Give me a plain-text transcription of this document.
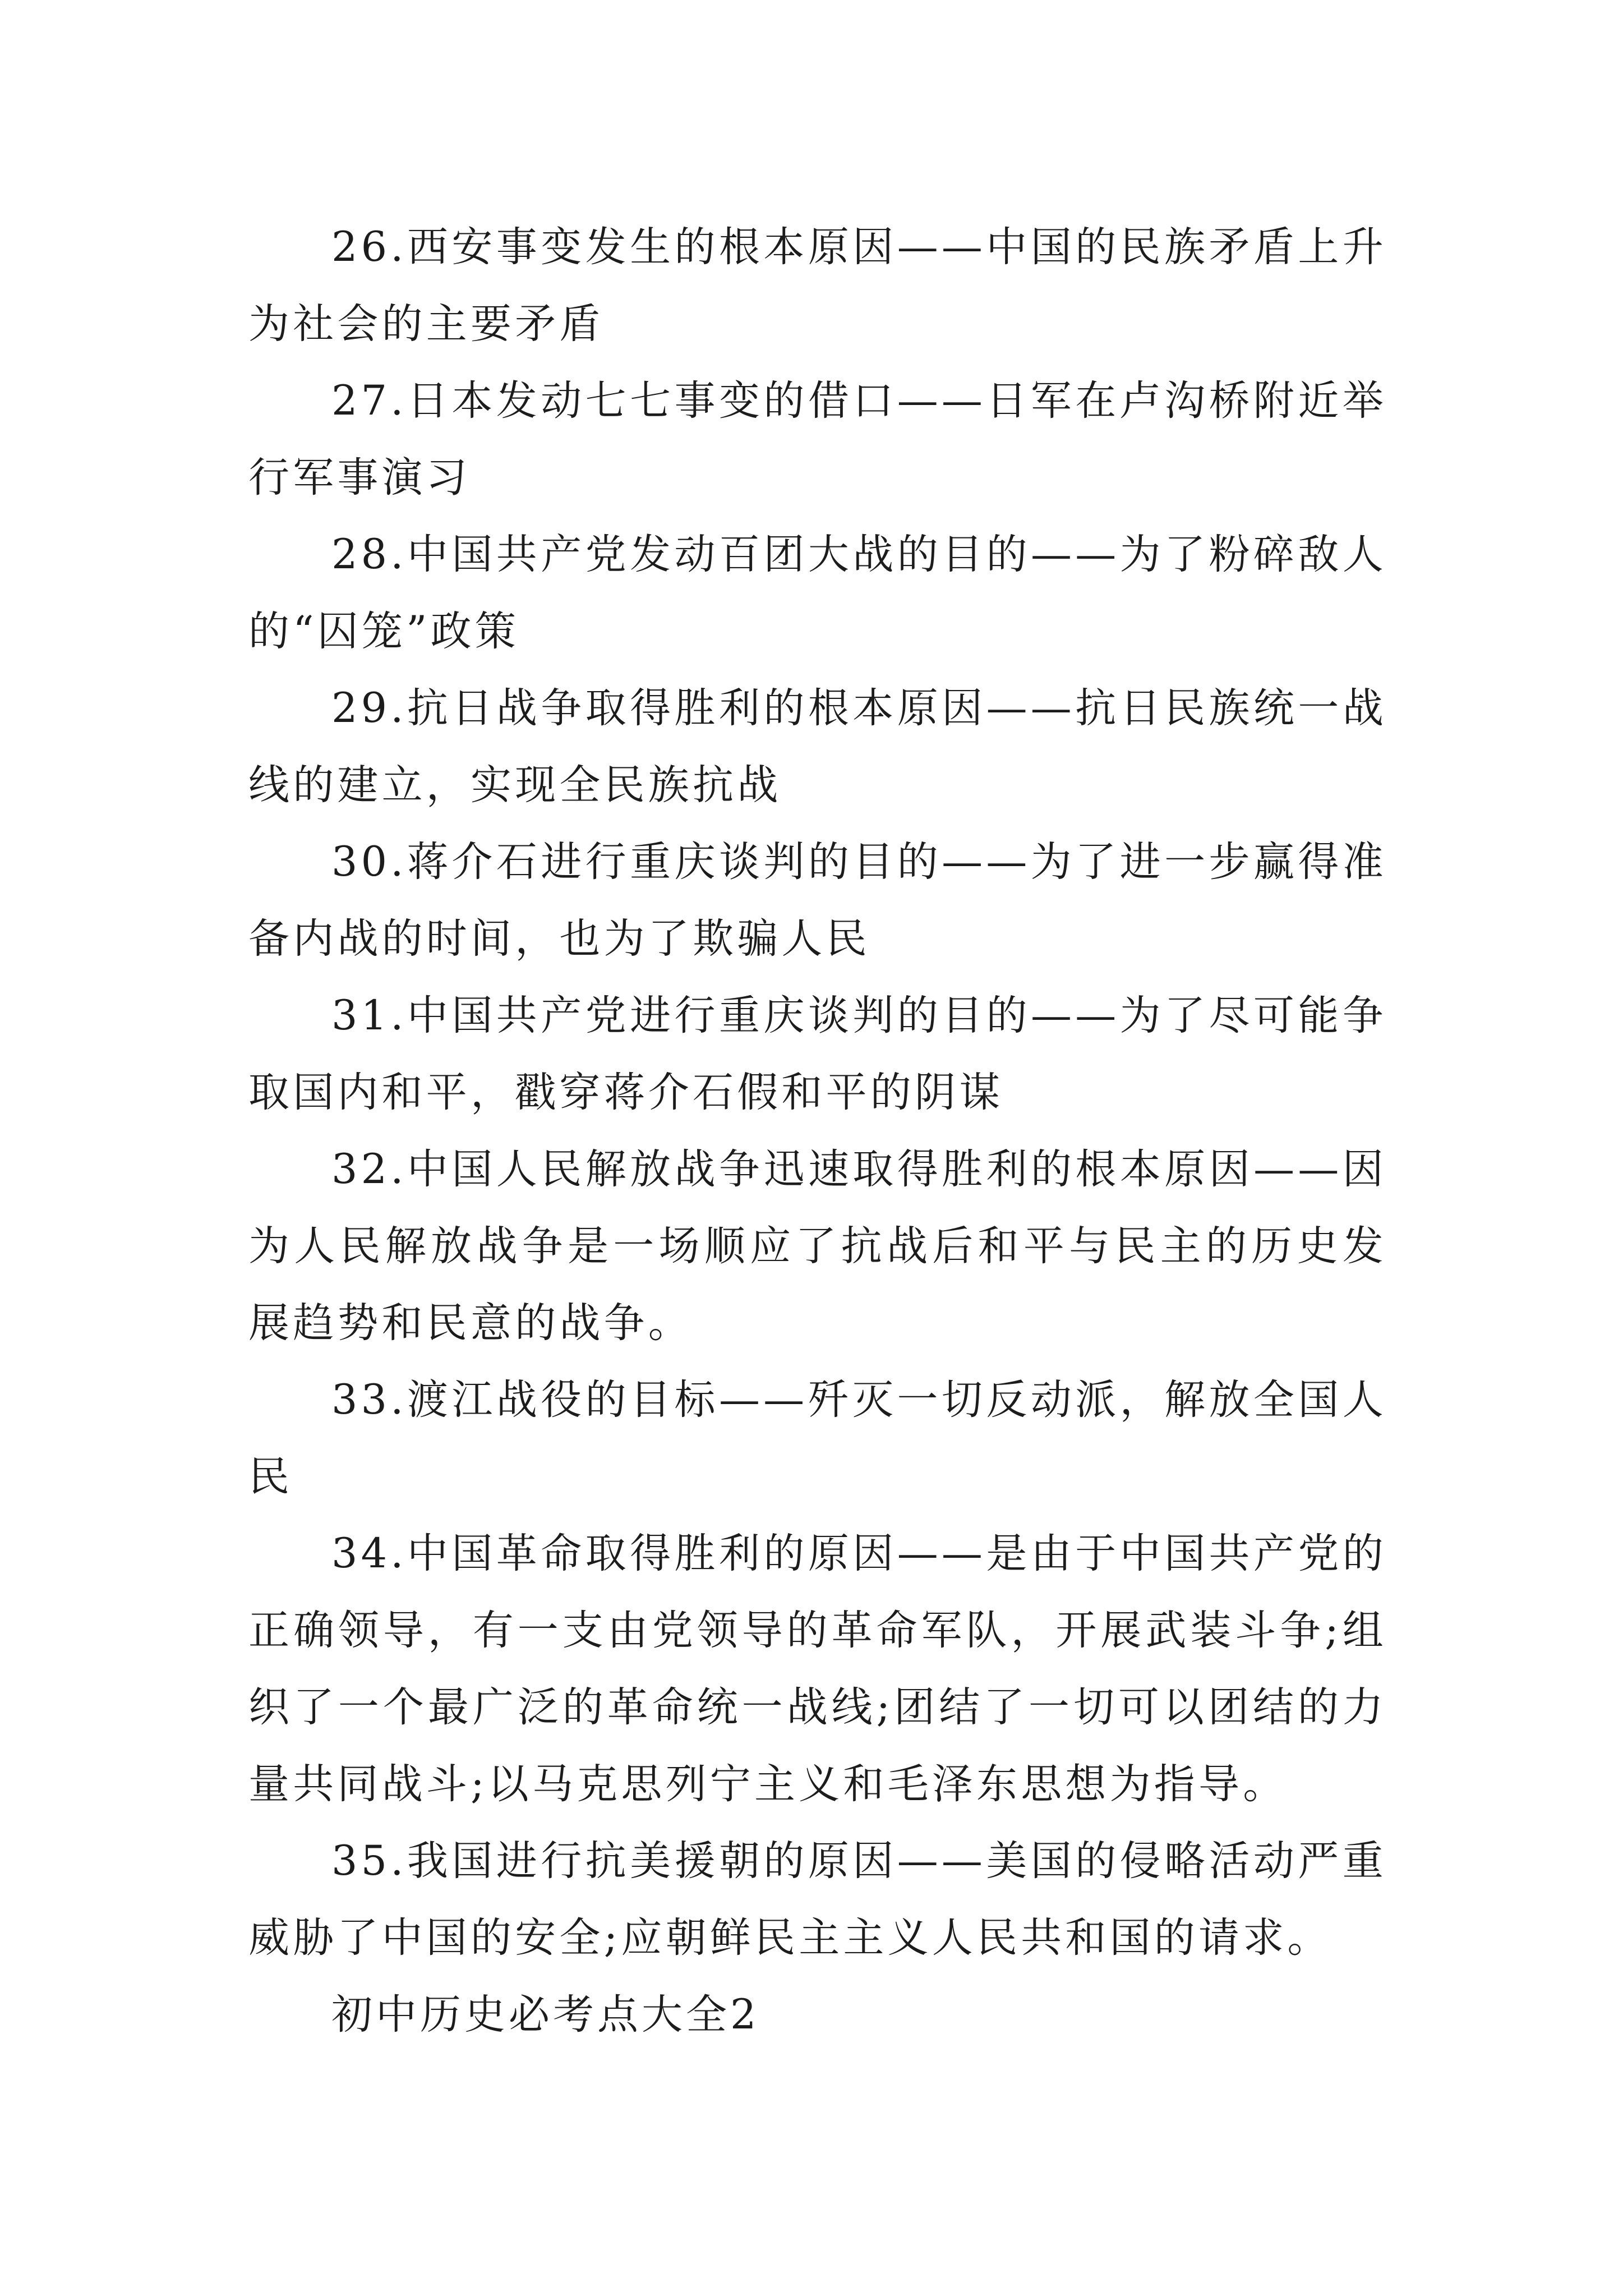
26.西安事变发生的根本原因——中国的民族矛盾上升为社会的主要矛盾

27.日本发动七七事变的借口——日军在卢沟桥附近举行军事演习

28.中国共产党发动百团大战的目的——为了粉碎敌人的“囚笼”政策

29.抗日战争取得胜利的根本原因——抗日民族统一战线的建立，实现全民族抗战

30.蒋介石进行重庆谈判的目的——为了进一步赢得准备内战的时间，也为了欺骗人民

31.中国共产党进行重庆谈判的目的——为了尽可能争取国内和平，戳穿蒋介石假和平的阴谋

32.中国人民解放战争迅速取得胜利的根本原因——因为人民解放战争是一场顺应了抗战后和平与民主的历史发展趋势和民意的战争。

33.渡江战役的目标——歼灭一切反动派，解放全国人民

34.中国革命取得胜利的原因——是由于中国共产党的正确领导，有一支由党领导的革命军队，开展武装斗争;组织了一个最广泛的革命统一战线;团结了一切可以团结的力量共同战斗;以马克思列宁主义和毛泽东思想为指导。

35.我国进行抗美援朝的原因——美国的侵略活动严重威胁了中国的安全;应朝鲜民主主义人民共和国的请求。

初中历史必考点大全2
